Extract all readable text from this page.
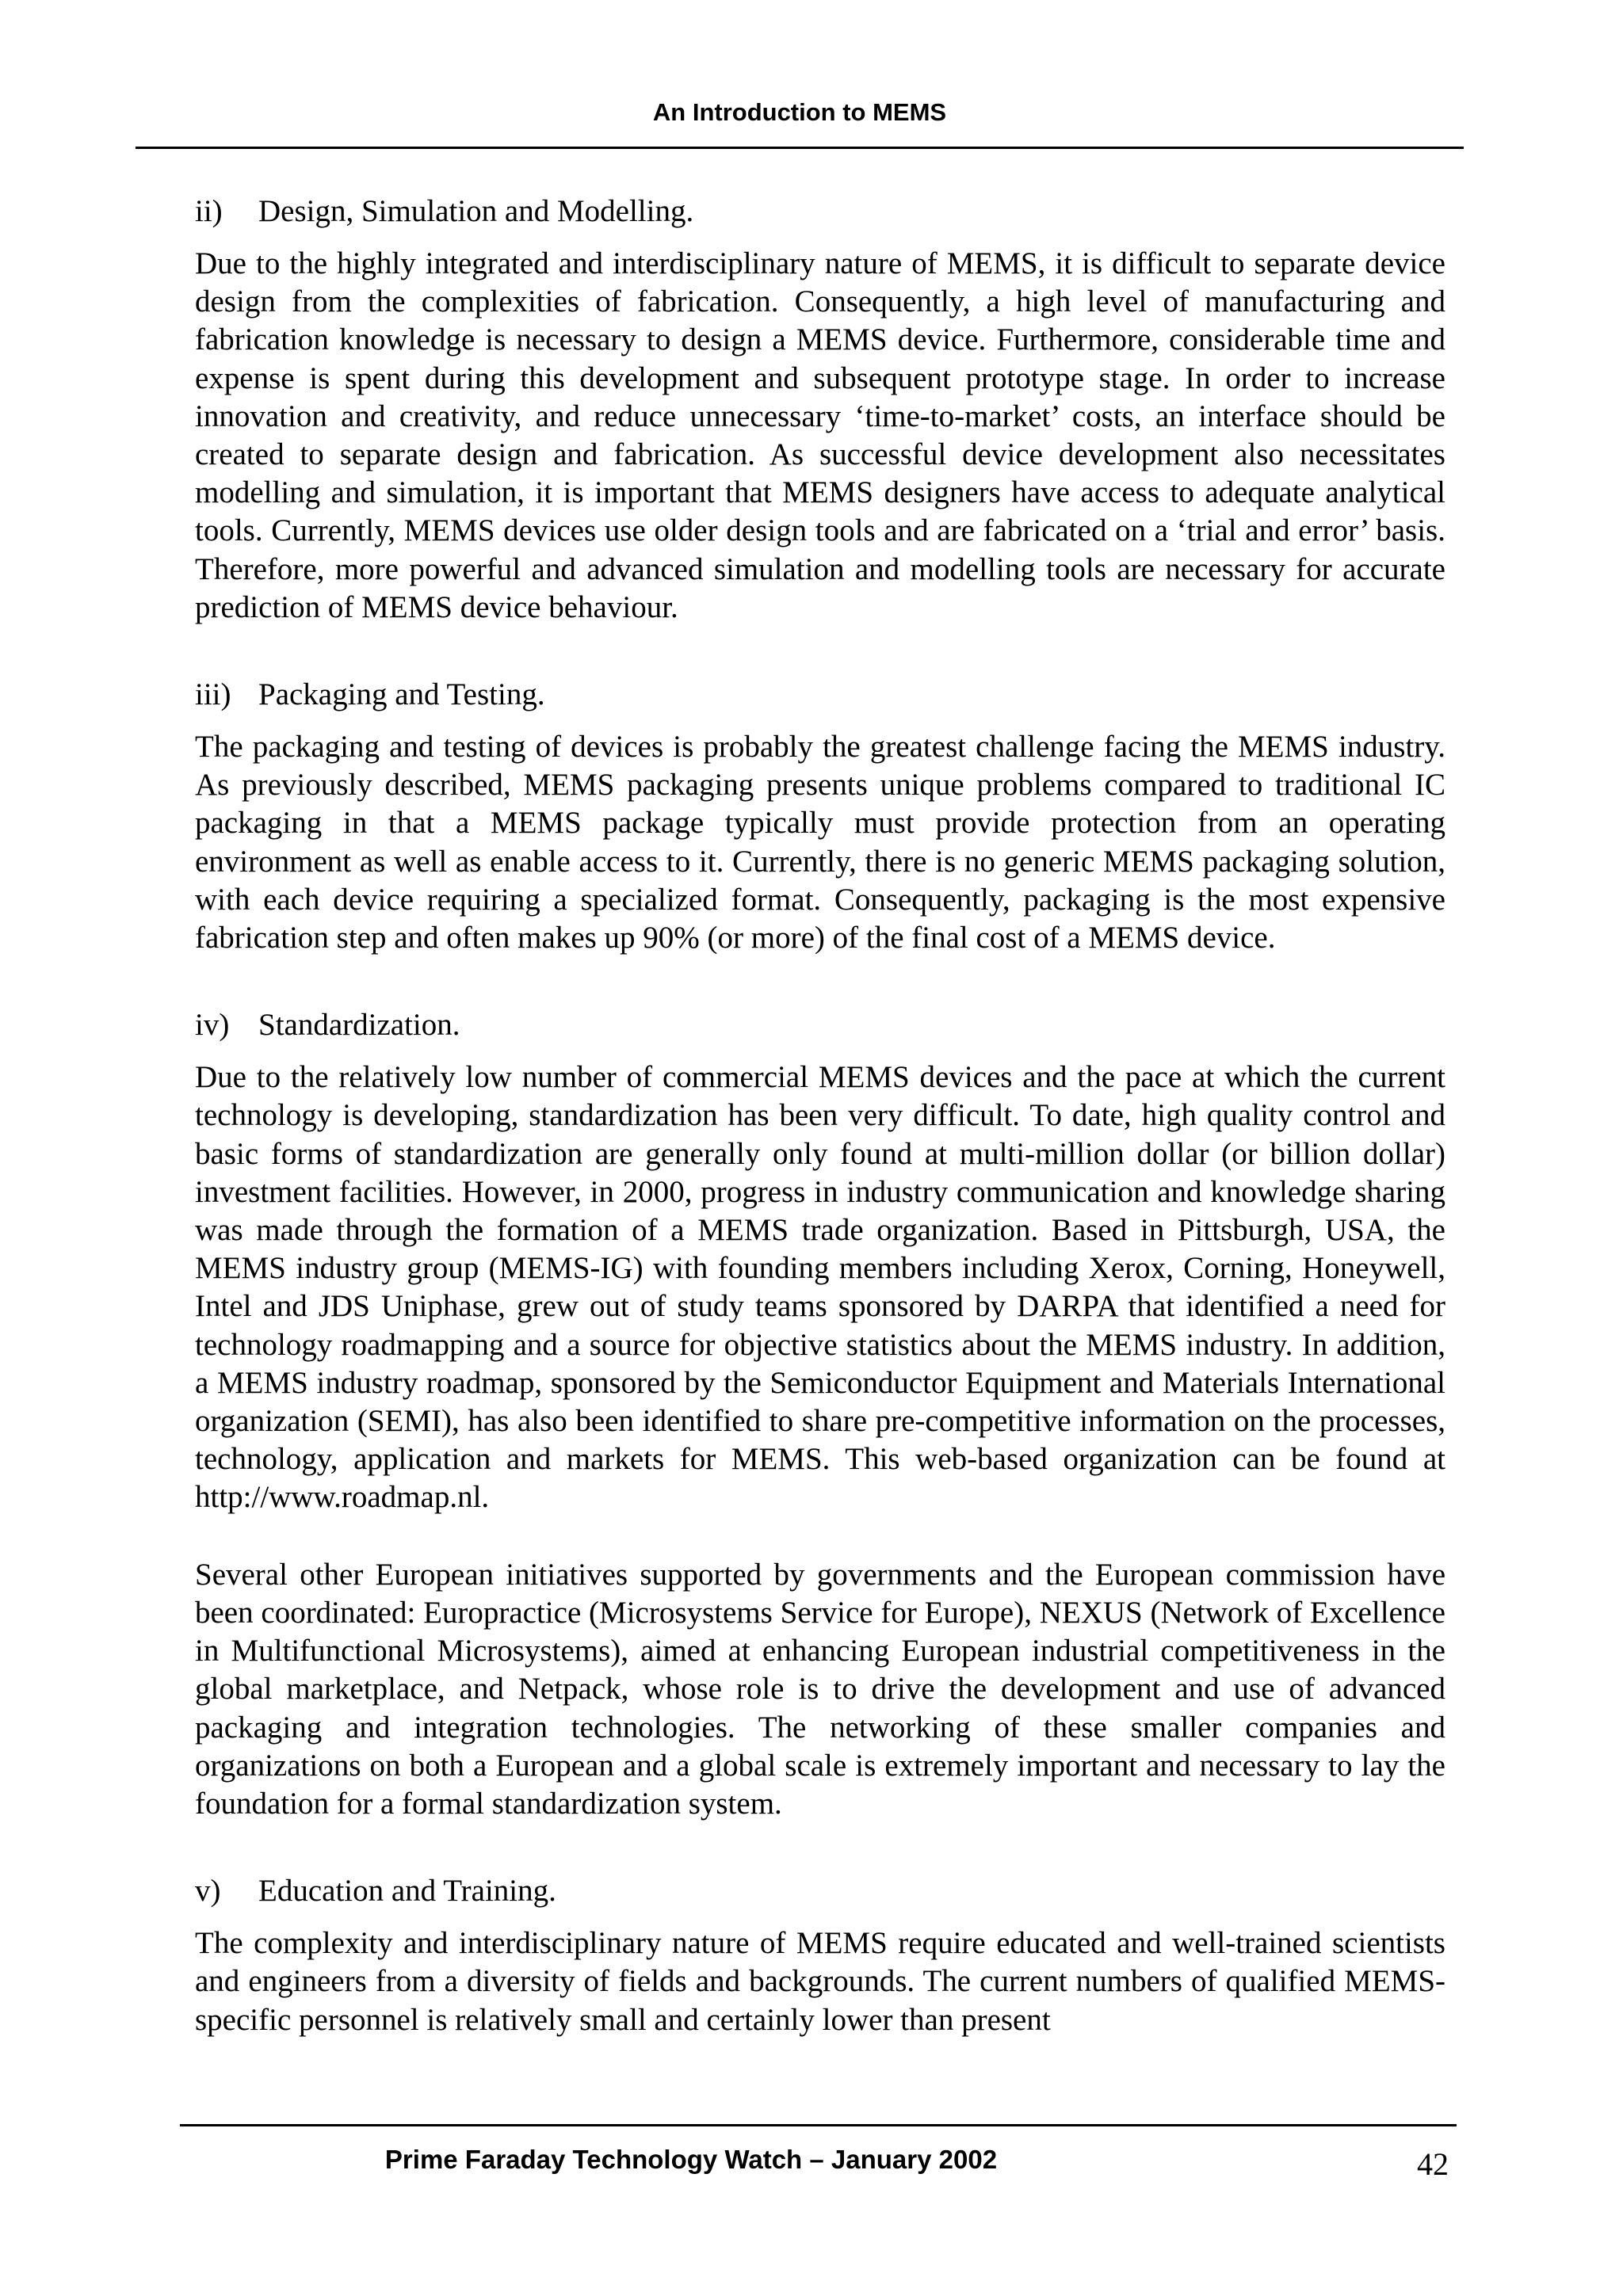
An Introduction to MEMS
ii)	Design, Simulation and Modelling.

Due to the highly integrated and interdisciplinary nature of MEMS, it is difficult to separate device design from the complexities of fabrication. Consequently, a high level of manufacturing and fabrication knowledge is necessary to design a MEMS device. Furthermore, considerable time and expense is spent during this development and subsequent prototype stage. In order to increase innovation and creativity, and reduce unnecessary ‘time-to-market’ costs, an interface should be created to separate design and fabrication. As successful device development also necessitates modelling and simulation, it is important that MEMS designers have access to adequate analytical tools. Currently, MEMS devices use older design tools and are fabricated on a ‘trial and error’ basis. Therefore, more powerful and advanced simulation and modelling tools are necessary for accurate prediction of MEMS device behaviour.

iii) Packaging and Testing.

The packaging and testing of devices is probably the greatest challenge facing the MEMS industry. As previously described, MEMS packaging presents unique problems compared to traditional IC packaging in that a MEMS package typically must provide protection from an operating environment as well as enable access to it. Currently, there is no generic MEMS packaging solution, with each device requiring a specialized format. Consequently, packaging is the most expensive fabrication step and often makes up 90% (or more) of the final cost of a MEMS device.

iv) Standardization.

Due to the relatively low number of commercial MEMS devices and the pace at which the current technology is developing, standardization has been very difficult. To date, high quality control and basic forms of standardization are generally only found at multi-million dollar (or billion dollar) investment facilities. However, in 2000, progress in industry communication and knowledge sharing was made through the formation of a MEMS trade organization. Based in Pittsburgh, USA, the MEMS industry group (MEMS-IG) with founding members including Xerox, Corning, Honeywell, Intel and JDS Uniphase, grew out of study teams sponsored by DARPA that identified a need for technology roadmapping and a source for objective statistics about the MEMS industry. In addition, a MEMS industry roadmap, sponsored by the Semiconductor Equipment and Materials International organization (SEMI), has also been identified to share pre-competitive information on the processes, technology, application and markets for MEMS. This web-based organization can be found at http://www.roadmap.nl.

Several other European initiatives supported by governments and the European commission have been coordinated: Europractice (Microsystems Service for Europe), NEXUS (Network of Excellence in Multifunctional Microsystems), aimed at enhancing European industrial competitiveness in the global marketplace, and Netpack, whose role is to drive the development and use of advanced packaging and integration technologies. The networking of these smaller companies and organizations on both a European and a global scale is extremely important and necessary to lay the foundation for a formal standardization system.

v)	Education and Training.

The complexity and interdisciplinary nature of MEMS require educated and well-trained scientists and engineers from a diversity of fields and backgrounds. The current numbers of qualified MEMS-specific personnel is relatively small and certainly lower than present

Prime Faraday Technology Watch – January 2002	42
